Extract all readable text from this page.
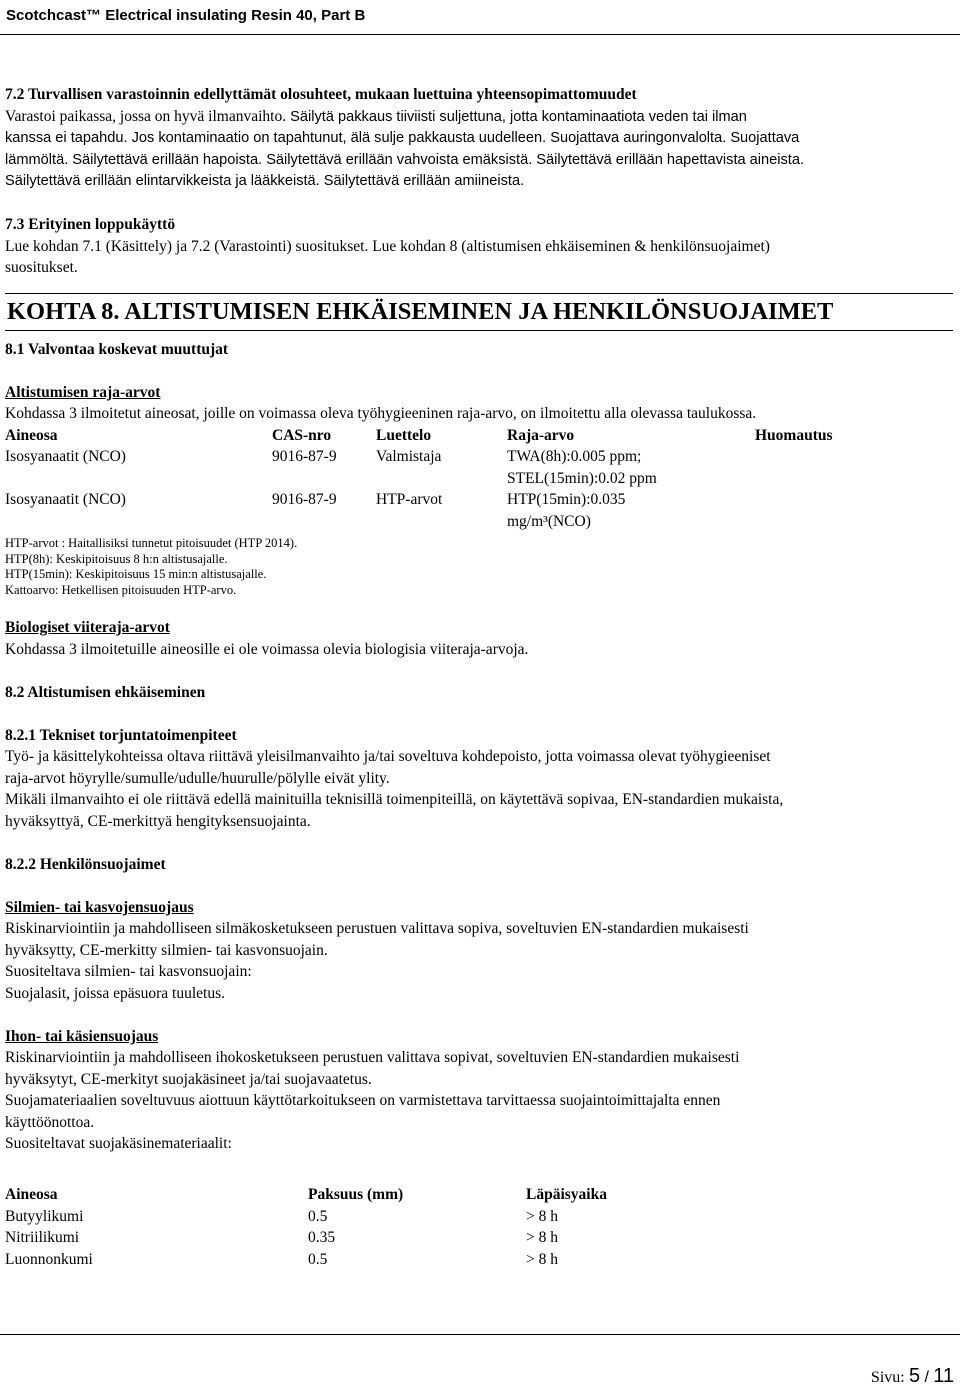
Scotchcast™ Electrical insulating Resin 40, Part B

7.2 Turvallisen varastoinnin edellyttämät olosuhteet, mukaan luettuina yhteensopimattomuudet

Varastoi paikassa, jossa on hyvä ilmanvaihto. Säilytä pakkaus tiiviisti suljettuna, jotta kontaminaatiota veden tai ilman

kanssa ei tapahdu. Jos kontaminaatio on tapahtunut, älä sulje pakkausta uudelleen. Suojattava auringonvalolta. Suojattava

lämmöltä. Säilytettävä erillään hapoista. Säilytettävä erillään vahvoista emäksistä. Säilytettävä erillään hapettavista aineista.

Säilytettävä erillään elintarvikkeista ja lääkkeistä. Säilytettävä erillään amiineista.

7.3 Erityinen loppukäyttö

Lue kohdan 7.1 (Käsittely) ja 7.2 (Varastointi) suositukset. Lue kohdan 8 (altistumisen ehkäiseminen & henkilönsuojaimet)

suositukset.

KOHTA 8. ALTISTUMISEN EHKÄISEMINEN JA HENKILÖNSUOJAIMET

8.1 Valvontaa koskevat muuttujat

Altistumisen raja-arvot

Kohdassa 3 ilmoitetut aineosat, joille on voimassa oleva työhygieeninen raja-arvo, on ilmoitettu alla olevassa taulukossa.

Aineosa	CAS-nro	Luettelo	Raja-arvo	Huomautus
Isosyanaatit (NCO)	9016-87-9	Valmistaja	TWA(8h):0.005 ppm;
STEL(15min):0.02 ppm	

Isosyanaatit (NCO)	9016-87-9	HTP-arvot	HTP(15min):0.035
mg/m³(NCO)	

HTP-arvot : Haitallisiksi tunnetut pitoisuudet (HTP 2014).

HTP(8h): Keskipitoisuus 8 h:n altistusajalle.

HTP(15min): Keskipitoisuus 15 min:n altistusajalle.

Kattoarvo: Hetkellisen pitoisuuden HTP-arvo.

Biologiset viiteraja-arvot

Kohdassa 3 ilmoitetuille aineosille ei ole voimassa olevia biologisia viiteraja-arvoja.

8.2 Altistumisen ehkäiseminen

8.2.1 Tekniset torjuntatoimenpiteet

Työ- ja käsittelykohteissa oltava riittävä yleisilmanvaihto ja/tai soveltuva kohdepoisto, jotta voimassa olevat työhygieeniset

raja-arvot höyrylle/sumulle/udulle/huurulle/pölylle eivät ylity.

Mikäli ilmanvaihto ei ole riittävä edellä mainituilla teknisillä toimenpiteillä, on käytettävä sopivaa, EN-standardien mukaista,

hyväksyttyä, CE-merkittyä hengityksensuojainta.

8.2.2 Henkilönsuojaimet

Silmien- tai kasvojensuojaus

Riskinarviointiin ja mahdolliseen silmäkosketukseen perustuen valittava sopiva, soveltuvien EN-standardien mukaisesti

hyväksytty, CE-merkitty silmien- tai kasvonsuojain.

Suositeltava silmien- tai kasvonsuojain:

Suojalasit, joissa epäsuora tuuletus.

Ihon- tai käsiensuojaus

Riskinarviointiin ja mahdolliseen ihokosketukseen perustuen valittava sopivat, soveltuvien EN-standardien mukaisesti

hyväksytyt, CE-merkityt suojakäsineet ja/tai suojavaatetus.

Suojamateriaalien soveltuvuus aiottuun käyttötarkoitukseen on varmistettava tarvittaessa suojaintoimittajalta ennen

käyttöönottoa.

Suositeltavat suojakäsinemateriaalit:

Aineosa	Paksuus (mm)	Läpäisyaika
Butyylikumi	0.5	> 8 h
Nitriilikumi	0.35	> 8 h
Luonnonkumi	0.5	> 8 h
Sivu: 5 / 11
